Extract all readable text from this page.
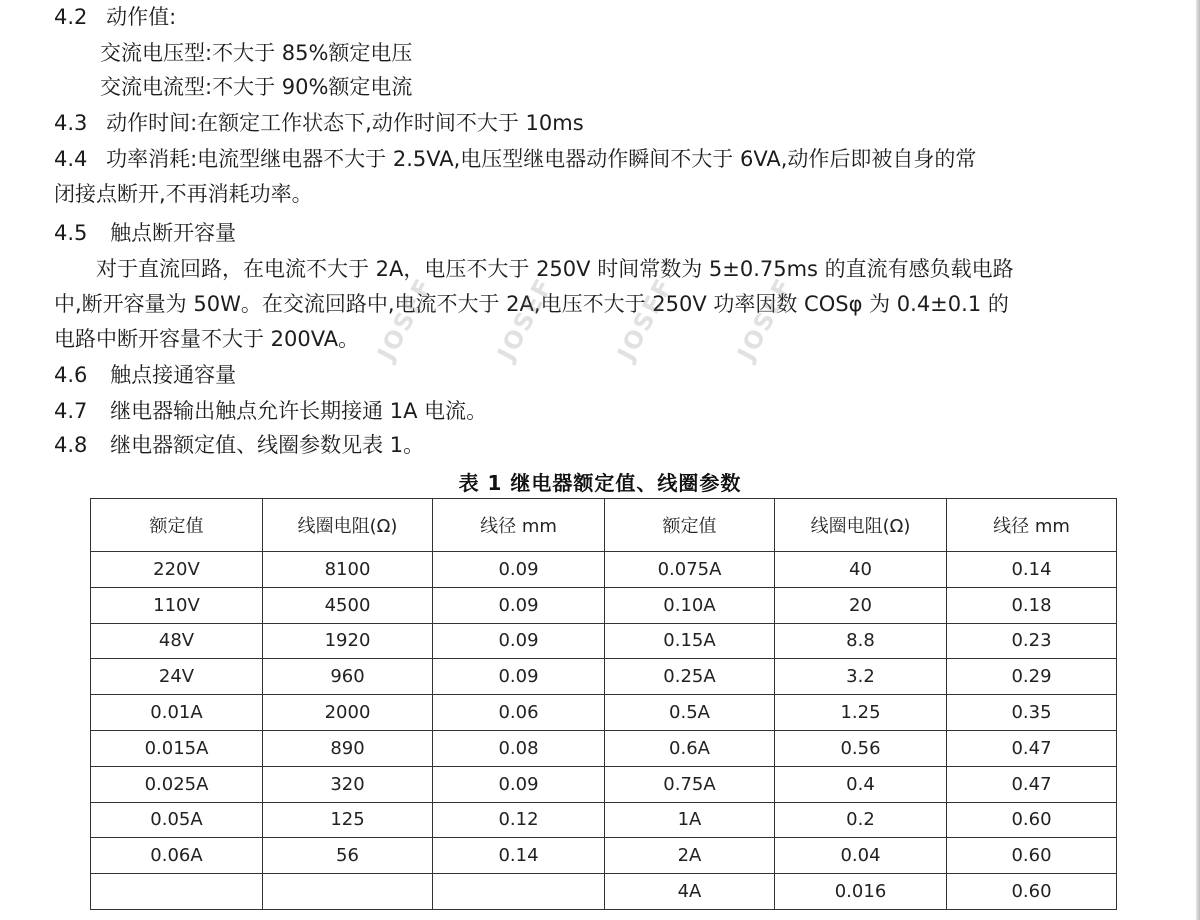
4.2 动作值:
交流电压型:不大于 85%额定电压
交流电流型:不大于 90%额定电流
4.3 动作时间:在额定工作状态下,动作时间不大于 10ms
4.4 功率消耗:电流型继电器不大于 2.5VA,电压型继电器动作瞬间不大于 6VA,动作后即被自身的常
闭接点断开,不再消耗功率。
4.5 触点断开容量
对于直流回路，在电流不大于 2A，电压不大于 250V 时间常数为 5±0.75ms 的直流有感负载电路
中,断开容量为 50W。在交流回路中,电流不大于 2A,电压不大于 250V 功率因数 COSφ 为 0.4±0.1 的
电路中断开容量不大于 200VA。
4.6 触点接通容量
4.7 继电器输出触点允许长期接通 1A 电流。
4.8 继电器额定值、线圈参数见表 1。
JOSEF JOSEF JOSEF JOSEF
表 1 继电器额定值、线圈参数
额定值	线圈电阻(Ω)	线径 mm	额定值	线圈电阻(Ω)	线径 mm
220V	8100	0.09	0.075A	40	0.14
110V	4500	0.09	0.10A	20	0.18
48V	1920	0.09	0.15A	8.8	0.23
24V	960	0.09	0.25A	3.2	0.29
0.01A	2000	0.06	0.5A	1.25	0.35
0.015A	890	0.08	0.6A	0.56	0.47
0.025A	320	0.09	0.75A	0.4	0.47
0.05A	125	0.12	1A	0.2	0.60
0.06A	56	0.14	2A	0.04	0.60
			4A	0.016	0.60
